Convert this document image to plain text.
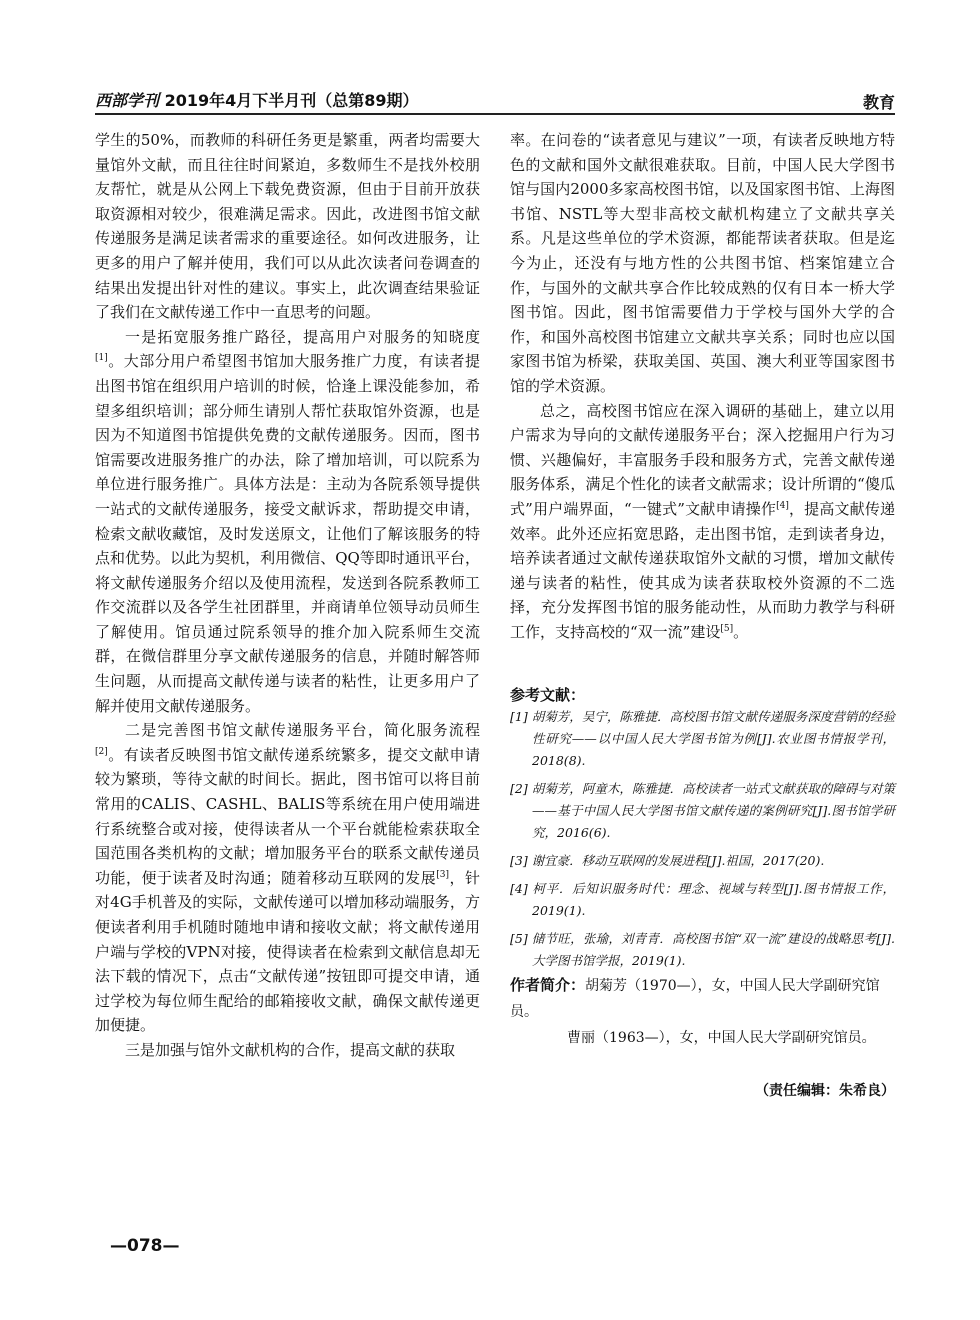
西部学刊 2019年4月下半月刊（总第89期）	教育

学生的50%，而教师的科研任务更是繁重，两者均需要大量馆外文献，而且往往时间紧迫，多数师生不是找外校朋友帮忙，就是从公网上下载免费资源，但由于目前开放获取资源相对较少，很难满足需求。因此，改进图书馆文献传递服务是满足读者需求的重要途径。如何改进服务，让更多的用户了解并使用，我们可以从此次读者问卷调查的结果出发提出针对性的建议。事实上，此次调查结果验证了我们在文献传递工作中一直思考的问题。

一是拓宽服务推广路径，提高用户对服务的知晓度[1]。大部分用户希望图书馆加大服务推广力度，有读者提出图书馆在组织用户培训的时候，恰逢上课没能参加，希望多组织培训；部分师生请别人帮忙获取馆外资源，也是因为不知道图书馆提供免费的文献传递服务。因而，图书馆需要改进服务推广的办法，除了增加培训，可以院系为单位进行服务推广。具体方法是：主动为各院系领导提供一站式的文献传递服务，接受文献诉求，帮助提交申请，检索文献收藏馆，及时发送原文，让他们了解该服务的特点和优势。以此为契机，利用微信、QQ等即时通讯平台，将文献传递服务介绍以及使用流程，发送到各院系教师工作交流群以及各学生社团群里，并商请单位领导动员师生了解使用。馆员通过院系领导的推介加入院系师生交流群，在微信群里分享文献传递服务的信息，并随时解答师生问题，从而提高文献传递与读者的粘性，让更多用户了解并使用文献传递服务。

二是完善图书馆文献传递服务平台，简化服务流程[2]。有读者反映图书馆文献传递系统繁多，提交文献申请较为繁琐，等待文献的时间长。据此，图书馆可以将目前常用的CALIS、CASHL、BALIS等系统在用户使用端进行系统整合或对接，使得读者从一个平台就能检索获取全国范围各类机构的文献；增加服务平台的联系文献传递员功能，便于读者及时沟通；随着移动互联网的发展[3]，针对4G手机普及的实际，文献传递可以增加移动端服务，方便读者利用手机随时随地申请和接收文献；将文献传递用户端与学校的VPN对接，使得读者在检索到文献信息却无法下载的情况下，点击“文献传递”按钮即可提交申请，通过学校为每位师生配给的邮箱接收文献，确保文献传递更加便捷。

三是加强与馆外文献机构的合作，提高文献的获取

率。在问卷的“读者意见与建议”一项，有读者反映地方特色的文献和国外文献很难获取。目前，中国人民大学图书馆与国内2000多家高校图书馆，以及国家图书馆、上海图书馆、NSTL等大型非高校文献机构建立了文献共享关系。凡是这些单位的学术资源，都能帮读者获取。但是迄今为止，还没有与地方性的公共图书馆、档案馆建立合作，与国外的文献共享合作比较成熟的仅有日本一桥大学图书馆。因此，图书馆需要借力于学校与国外大学的合作，和国外高校图书馆建立文献共享关系；同时也应以国家图书馆为桥梁，获取美国、英国、澳大利亚等国家图书馆的学术资源。

总之，高校图书馆应在深入调研的基础上，建立以用户需求为导向的文献传递服务平台；深入挖掘用户行为习惯、兴趣偏好，丰富服务手段和服务方式，完善文献传递服务体系，满足个性化的读者文献需求；设计所谓的“傻瓜式”用户端界面，“一键式”文献申请操作[4]，提高文献传递效率。此外还应拓宽思路，走出图书馆，走到读者身边，培养读者通过文献传递获取馆外文献的习惯，增加文献传递与读者的粘性，使其成为读者获取校外资源的不二选择，充分发挥图书馆的服务能动性，从而助力教学与科研工作，支持高校的“双一流”建设[5]。

参考文献：

[1] 胡菊芳，吴宁，陈雅捷．高校图书馆文献传递服务深度营销的经验性研究——以中国人民大学图书馆为例[J].农业图书情报学刊，2018(8).

[2] 胡菊芳，阿童木，陈雅捷．高校读者一站式文献获取的障碍与对策——基于中国人民大学图书馆文献传递的案例研究[J].图书馆学研究，2016(6).

[3] 谢宜豪．移动互联网的发展进程[J].祖国，2017(20).

[4] 柯平．后知识服务时代：理念、视域与转型[J].图书情报工作，2019(1).

[5] 储节旺，张瑜，刘青青．高校图书馆“双一流”建设的战略思考[J].大学图书馆学报，2019(1).

作者简介：胡菊芳（1970—），女，中国人民大学副研究馆员。

曹丽（1963—），女，中国人民大学副研究馆员。

（责任编辑：朱希良）
—078—
